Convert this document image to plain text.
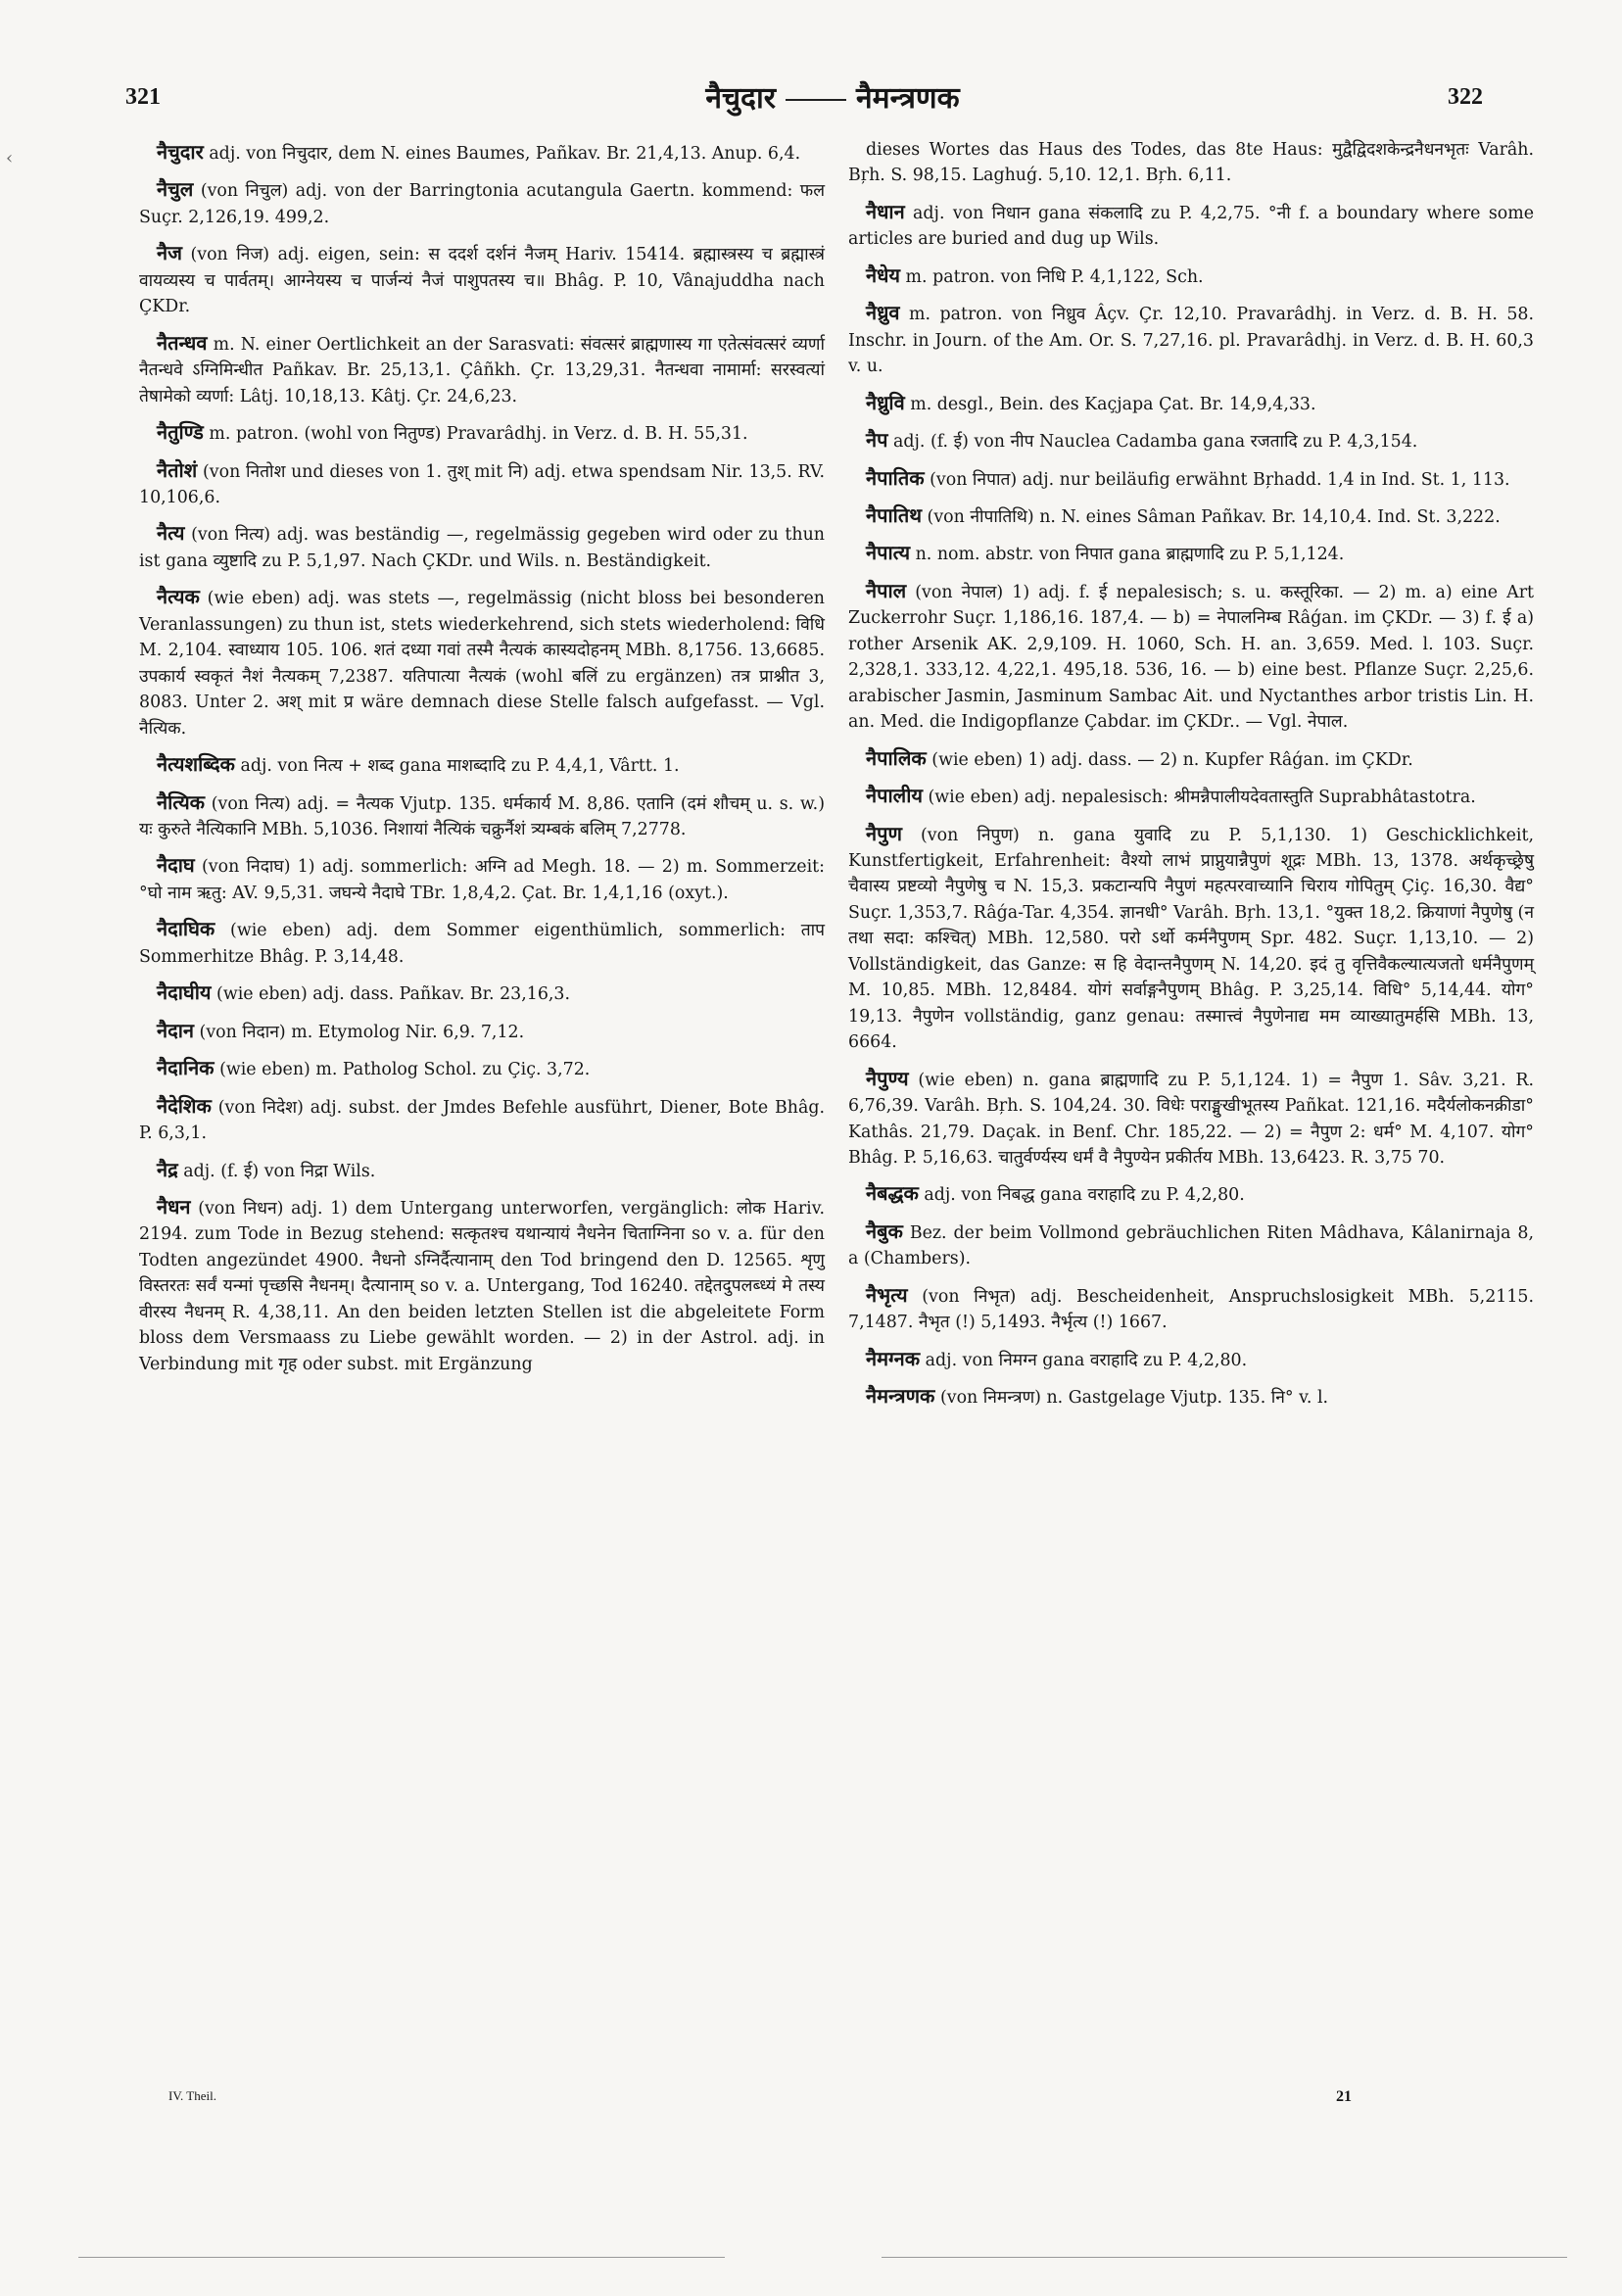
‹
321	नैचुदार	नैमन्त्रणक	322

नैचुदार adj. von निचुदार, dem N. eines Baumes, Pañkav. Br. 21,4,13. Anup. 6,4.

नैचुल (von निचुल) adj. von der Barringtonia acutangula Gaertn. kommend: फल Suçr. 2,126,19. 499,2.

नैज (von निज) adj. eigen, sein: स ददर्श दर्शनं नैजम् Hariv. 15414. ब्रह्मास्त्रस्य च ब्रह्मास्त्रं वायव्यस्य च पार्वतम्। आग्नेयस्य च पार्जन्यं नैजं पाशुपतस्य च॥ Bhâg. P. 10, Vânajuddha nach ÇKDr.

नैतन्धव m. N. einer Oertlichkeit an der Sarasvati: संवत्सरं ब्राह्मणास्य गा एतेत्संवत्सरं व्यर्णा नैतन्धवे ऽग्निमिन्धीत Pañkav. Br. 25,13,1. Çâñkh. Çr. 13,29,31. नैतन्धवा नामार्मा: सरस्वत्यां तेषामेको व्यर्णा: Lâtj. 10,18,13. Kâtj. Çr. 24,6,23.

नैतुण्डि m. patron. (wohl von नितुण्ड) Pravarâdhj. in Verz. d. B. H. 55,31.

नैतोशं (von नितोश und dieses von 1. तुश् mit नि) adj. etwa spendsam Nir. 13,5. RV. 10,106,6.

नैत्य (von नित्य) adj. was beständig —, regelmässig gegeben wird oder zu thun ist gana व्युष्टादि zu P. 5,1,97. Nach ÇKDr. und Wils. n. Beständigkeit.

नैत्यक (wie eben) adj. was stets —, regelmässig (nicht bloss bei besonderen Veranlassungen) zu thun ist, stets wiederkehrend, sich stets wiederholend: विधि M. 2,104. स्वाध्याय 105. 106. शतं दध्या गवां तस्मै नैत्यकं कास्यदोहनम् MBh. 8,1756. 13,6685. उपकार्य स्वकृतं नैशं नैत्यकम् 7,2387. यतिपात्या नैत्यकं (wohl बलिं zu ergänzen) तत्र प्राश्नीत 3, 8083. Unter 2. अश् mit प्र wäre demnach diese Stelle falsch aufgefasst. — Vgl. नैत्यिक.

नैत्यशब्दिक adj. von नित्य + शब्द gana माशब्दादि zu P. 4,4,1, Vârtt. 1.

नैत्यिक (von नित्य) adj. = नैत्यक Vjutp. 135. धर्मकार्य M. 8,86. एतानि (दमं शौचम् u. s. w.) यः कुरुते नैत्यिकानि MBh. 5,1036. निशायां नैत्यिकं चक्रुर्नैशं त्र्यम्बकं बलिम् 7,2778.

नैदाघ (von निदाघ) 1) adj. sommerlich: अग्नि ad Megh. 18. — 2) m. Sommerzeit: °घो नाम ऋतु: AV. 9,5,31. जघन्ये नैदाघे TBr. 1,8,4,2. Çat. Br. 1,4,1,16 (oxyt.).

नैदाघिक (wie eben) adj. dem Sommer eigenthümlich, sommerlich: ताप Sommerhitze Bhâg. P. 3,14,48.

नैदाघीय (wie eben) adj. dass. Pañkav. Br. 23,16,3.

नैदान (von निदान) m. Etymolog Nir. 6,9. 7,12.

नैदानिक (wie eben) m. Patholog Schol. zu Çiç. 3,72.

नैदेशिक (von निदेश) adj. subst. der Jmdes Befehle ausführt, Diener, Bote Bhâg. P. 6,3,1.

नैद्र adj. (f. ई) von निद्रा Wils.

नैधन (von निधन) adj. 1) dem Untergang unterworfen, vergänglich: लोक Hariv. 2194. zum Tode in Bezug stehend: सत्कृतश्च यथान्यायं नैधनेन चिताग्निना so v. a. für den Todten angezündet 4900. नैधनो ऽग्निर्दैत्यानाम् den Tod bringend den D. 12565. शृणु विस्तरतः सर्वं यन्मां पृच्छसि नैधनम्। दैत्यानाम् so v. a. Untergang, Tod 16240. तद्देतदुपलब्ध्यं मे तस्य वीरस्य नैधनम् R. 4,38,11. An den beiden letzten Stellen ist die abgeleitete Form bloss dem Versmaass zu Liebe gewählt worden. — 2) in der Astrol. adj. in Verbindung mit गृह oder subst. mit Ergänzung

dieses Wortes das Haus des Todes, das 8te Haus: मुद्वैद्विदशकेन्द्रनैधनभृतः Varâh. Bŗh. S. 98,15. Laghuǵ. 5,10. 12,1. Bŗh. 6,11.

नैधान adj. von निधान gana संकलादि zu P. 4,2,75. °नी f. a boundary where some articles are buried and dug up Wils.

नैधेय m. patron. von निधि P. 4,1,122, Sch.

नैध्रुव m. patron. von निध्रुव Âçv. Çr. 12,10. Pravarâdhj. in Verz. d. B. H. 58. Inschr. in Journ. of the Am. Or. S. 7,27,16. pl. Pravarâdhj. in Verz. d. B. H. 60,3 v. u.

नैध्रुवि m. desgl., Bein. des Kaçjapa Çat. Br. 14,9,4,33.

नैप adj. (f. ई) von नीप Nauclea Cadamba gana रजतादि zu P. 4,3,154.

नैपातिक (von निपात) adj. nur beiläufig erwähnt Bŗhadd. 1,4 in Ind. St. 1, 113.

नैपातिथ (von नीपातिथि) n. N. eines Sâman Pañkav. Br. 14,10,4. Ind. St. 3,222.

नैपात्य n. nom. abstr. von निपात gana ब्राह्मणादि zu P. 5,1,124.

नैपाल (von नेपाल) 1) adj. f. ई nepalesisch; s. u. कस्तूरिका. — 2) m. a) eine Art Zuckerrohr Suçr. 1,186,16. 187,4. — b) = नेपालनिम्ब Râǵan. im ÇKDr. — 3) f. ई a) rother Arsenik AK. 2,9,109. H. 1060, Sch. H. an. 3,659. Med. l. 103. Suçr. 2,328,1. 333,12. 4,22,1. 495,18. 536, 16. — b) eine best. Pflanze Suçr. 2,25,6. arabischer Jasmin, Jasminum Sambac Ait. und Nyctanthes arbor tristis Lin. H. an. Med. die Indigopflanze Çabdar. im ÇKDr.. — Vgl. नेपाल.

नैपालिक (wie eben) 1) adj. dass. — 2) n. Kupfer Râǵan. im ÇKDr.

नैपालीय (wie eben) adj. nepalesisch: श्रीमन्नैपालीयदेवतास्तुति Suprabhâtastotra.

नैपुण (von निपुण) n. gana युवादि zu P. 5,1,130. 1) Geschicklichkeit, Kunstfertigkeit, Erfahrenheit: वैश्यो लाभं प्राप्नुयान्नैपुणं शूद्रः MBh. 13, 1378. अर्थकृच्छ्रेषु चैवास्य प्रष्टव्यो नैपुणेषु च N. 15,3. प्रकटान्यपि नैपुणं महत्परवाच्यानि चिराय गोपितुम् Çiç. 16,30. वैद्य° Suçr. 1,353,7. Râǵa-Tar. 4,354. ज्ञानधी° Varâh. Bŗh. 13,1. °युक्त 18,2. क्रियाणां नैपुणेषु (न तथा सदा: कश्चित्) MBh. 12,580. परो ऽर्थो कर्मनैपुणम् Spr. 482. Suçr. 1,13,10. — 2) Vollständigkeit, das Ganze: स हि वेदान्तनैपुणम् N. 14,20. इदं तु वृत्तिवैकल्यात्यजतो धर्मनैपुणम् M. 10,85. MBh. 12,8484. योगं सर्वाङ्गनैपुणम् Bhâg. P. 3,25,14. विधि° 5,14,44. योग° 19,13. नैपुणेन vollständig, ganz genau: तस्मात्त्वं नैपुणेनाद्य मम व्याख्यातुमर्हसि MBh. 13, 6664.

नैपुण्य (wie eben) n. gana ब्राह्मणादि zu P. 5,1,124. 1) = नैपुण 1. Sâv. 3,21. R. 6,76,39. Varâh. Bŗh. S. 104,24. 30. विधेः पराङ्मुखीभूतस्य Pañkat. 121,16. मदैर्यलोकनक्रीडा° Kathâs. 21,79. Daçak. in Benf. Chr. 185,22. — 2) = नैपुण 2: धर्म° M. 4,107. योग° Bhâg. P. 5,16,63. चातुर्वर्ण्यस्य धर्मं वै नैपुण्येन प्रकीर्तय MBh. 13,6423. R. 3,75 70.

नैबद्धक adj. von निबद्ध gana वराहादि zu P. 4,2,80.

नैबुक Bez. der beim Vollmond gebräuchlichen Riten Mâdhava, Kâlanirnaja 8, a (Chambers).

नैभृत्य (von निभृत) adj. Bescheidenheit, Anspruchslosigkeit MBh. 5,2115. 7,1487. नैभृत (!) 5,1493. नैर्भृत्य (!) 1667.

नैमग्नक adj. von निमग्न gana वराहादि zu P. 4,2,80.

नैमन्त्रणक (von निमन्त्रण) n. Gastgelage Vjutp. 135. नि° v. l.

IV. Theil.	21
